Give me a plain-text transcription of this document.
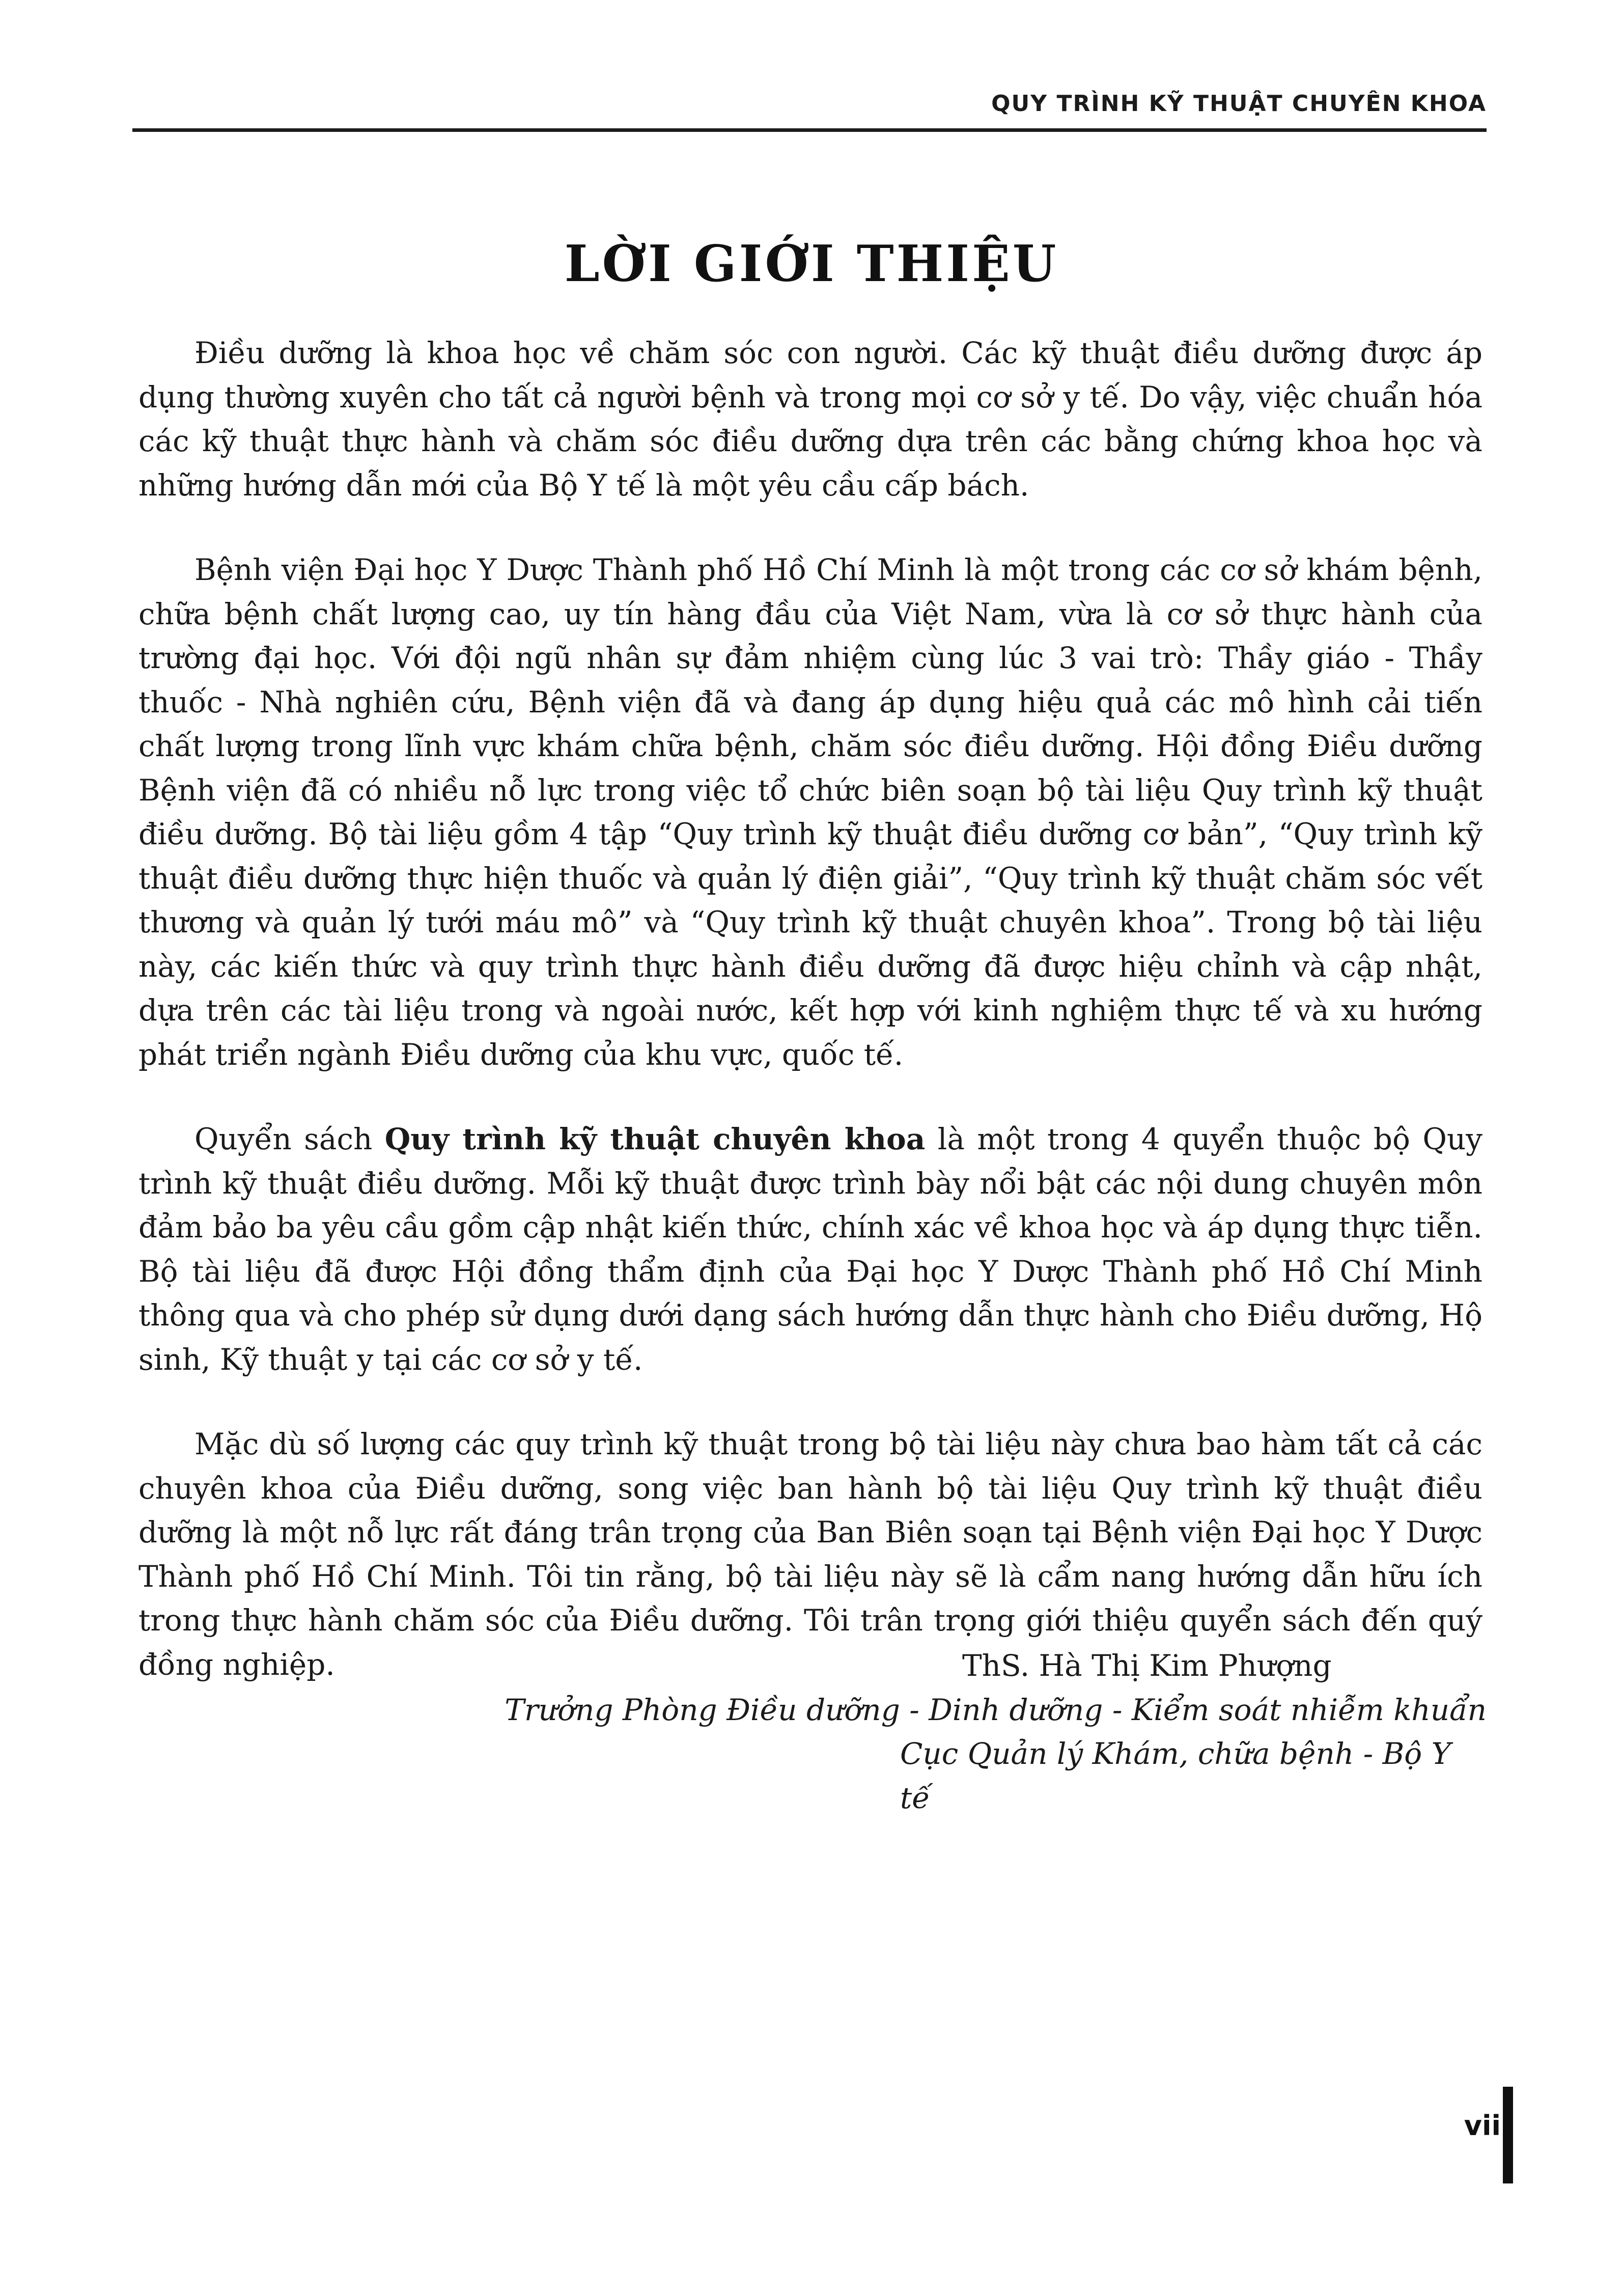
QUY TRÌNH KỸ THUẬT CHUYÊN KHOA
LỜI GIỚI THIỆU

Điều dưỡng là khoa học về chăm sóc con người. Các kỹ thuật điều dưỡng được áp dụng thường xuyên cho tất cả người bệnh và trong mọi cơ sở y tế. Do vậy, việc chuẩn hóa các kỹ thuật thực hành và chăm sóc điều dưỡng dựa trên các bằng chứng khoa học và những hướng dẫn mới của Bộ Y tế là một yêu cầu cấp bách.

Bệnh viện Đại học Y Dược Thành phố Hồ Chí Minh là một trong các cơ sở khám bệnh, chữa bệnh chất lượng cao, uy tín hàng đầu của Việt Nam, vừa là cơ sở thực hành của trường đại học. Với đội ngũ nhân sự đảm nhiệm cùng lúc 3 vai trò: Thầy giáo - Thầy thuốc - Nhà nghiên cứu, Bệnh viện đã và đang áp dụng hiệu quả các mô hình cải tiến chất lượng trong lĩnh vực khám chữa bệnh, chăm sóc điều dưỡng. Hội đồng Điều dưỡng Bệnh viện đã có nhiều nỗ lực trong việc tổ chức biên soạn bộ tài liệu Quy trình kỹ thuật điều dưỡng. Bộ tài liệu gồm 4 tập “Quy trình kỹ thuật điều dưỡng cơ bản”, “Quy trình kỹ thuật điều dưỡng thực hiện thuốc và quản lý điện giải”, “Quy trình kỹ thuật chăm sóc vết thương và quản lý tưới máu mô” và “Quy trình kỹ thuật chuyên khoa”. Trong bộ tài liệu này, các kiến thức và quy trình thực hành điều dưỡng đã được hiệu chỉnh và cập nhật, dựa trên các tài liệu trong và ngoài nước, kết hợp với kinh nghiệm thực tế và xu hướng phát triển ngành Điều dưỡng của khu vực, quốc tế.

Quyển sách Quy trình kỹ thuật chuyên khoa là một trong 4 quyển thuộc bộ Quy trình kỹ thuật điều dưỡng. Mỗi kỹ thuật được trình bày nổi bật các nội dung chuyên môn đảm bảo ba yêu cầu gồm cập nhật kiến thức, chính xác về khoa học và áp dụng thực tiễn. Bộ tài liệu đã được Hội đồng thẩm định của Đại học Y Dược Thành phố Hồ Chí Minh thông qua và cho phép sử dụng dưới dạng sách hướng dẫn thực hành cho Điều dưỡng, Hộ sinh, Kỹ thuật y tại các cơ sở y tế.

Mặc dù số lượng các quy trình kỹ thuật trong bộ tài liệu này chưa bao hàm tất cả các chuyên khoa của Điều dưỡng, song việc ban hành bộ tài liệu Quy trình kỹ thuật điều dưỡng là một nỗ lực rất đáng trân trọng của Ban Biên soạn tại Bệnh viện Đại học Y Dược Thành phố Hồ Chí Minh. Tôi tin rằng, bộ tài liệu này sẽ là cẩm nang hướng dẫn hữu ích trong thực hành chăm sóc của Điều dưỡng. Tôi trân trọng giới thiệu quyển sách đến quý đồng nghiệp.	ThS. Hà Thị Kim Phượng
Trưởng Phòng Điều dưỡng - Dinh dưỡng - Kiểm soát nhiễm khuẩn
Cục Quản lý Khám, chữa bệnh - Bộ Y tế
vii
